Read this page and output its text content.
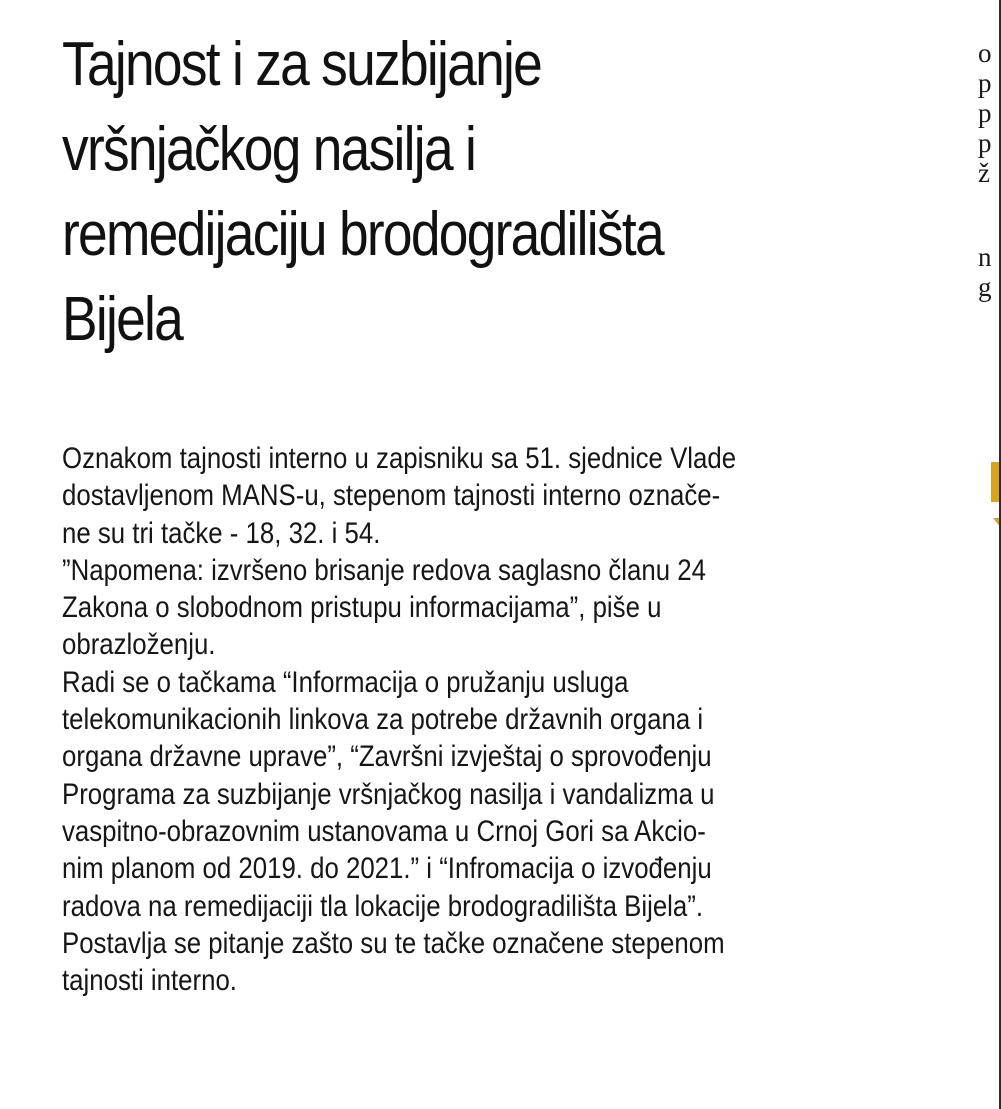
Tajnost i za suzbijanje
vršnjačkog nasilja i
remedijaciju brodogradilišta
Bijela
Oznakom tajnosti interno u zapisniku sa 51. sjednice Vlade
dostavljenom MANS-u, stepenom tajnosti interno označe-
ne su tri tačke - 18, 32. i 54.
”Napomena: izvršeno brisanje redova saglasno članu 24
Zakona o slobodnom pristupu informacijama”, piše u
obrazloženju.
Radi se o tačkama “Informacija o pružanju usluga
telekomunikacionih linkova za potrebe državnih organa i
organa državne uprave”, “Završni izvještaj o sprovođenju
Programa za suzbijanje vršnjačkog nasilja i vandalizma u
vaspitno-obrazovnim ustanovama u Crnoj Gori sa Akcio-
nim planom od 2019. do 2021.” i “Infromacija o izvođenju
radova na remedijaciji tla lokacije brodogradilišta Bijela”.
Postavlja se pitanje zašto su te tačke označene stepenom
tajnosti interno.
o
p
p
p
ž
n
g
